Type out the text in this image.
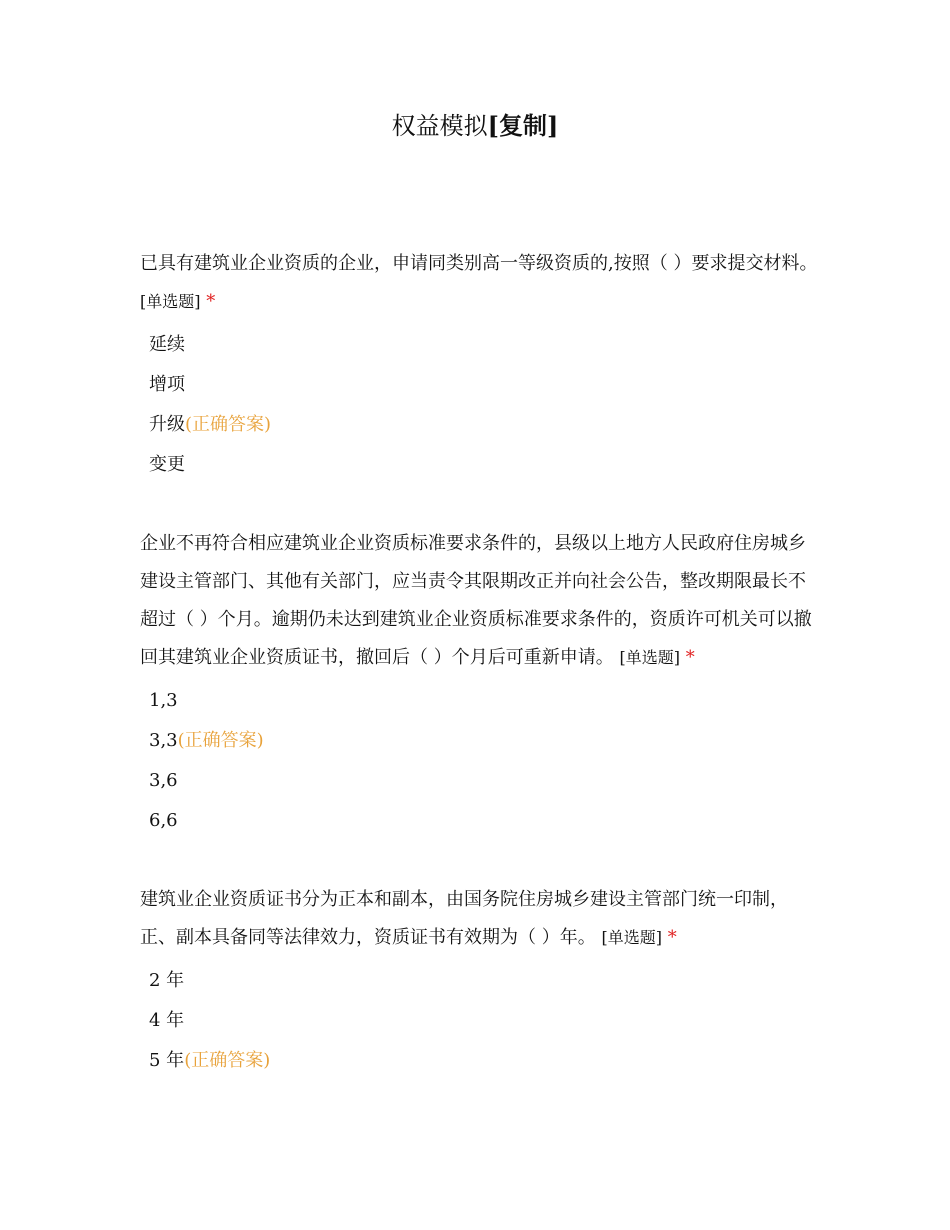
权益模拟[复制]

已具有建筑业企业资质的企业，申请同类别高一等级资质的,按照（ ）要求提交材料。 [单选题] *

延续
增项
升级(正确答案)
变更

企业不再符合相应建筑业企业资质标准要求条件的，县级以上地方人民政府住房城乡建设主管部门、其他有关部门，应当责令其限期改正并向社会公告，整改期限最长不超过（ ）个月。逾期仍未达到建筑业企业资质标准要求条件的，资质许可机关可以撤回其建筑业企业资质证书，撤回后（ ）个月后可重新申请。 [单选题] *

1,3
3,3(正确答案)
3,6
6,6

建筑业企业资质证书分为正本和副本，由国务院住房城乡建设主管部门统一印制，正、副本具备同等法律效力，资质证书有效期为（ ）年。 [单选题] *

2 年
4 年
5 年(正确答案)
